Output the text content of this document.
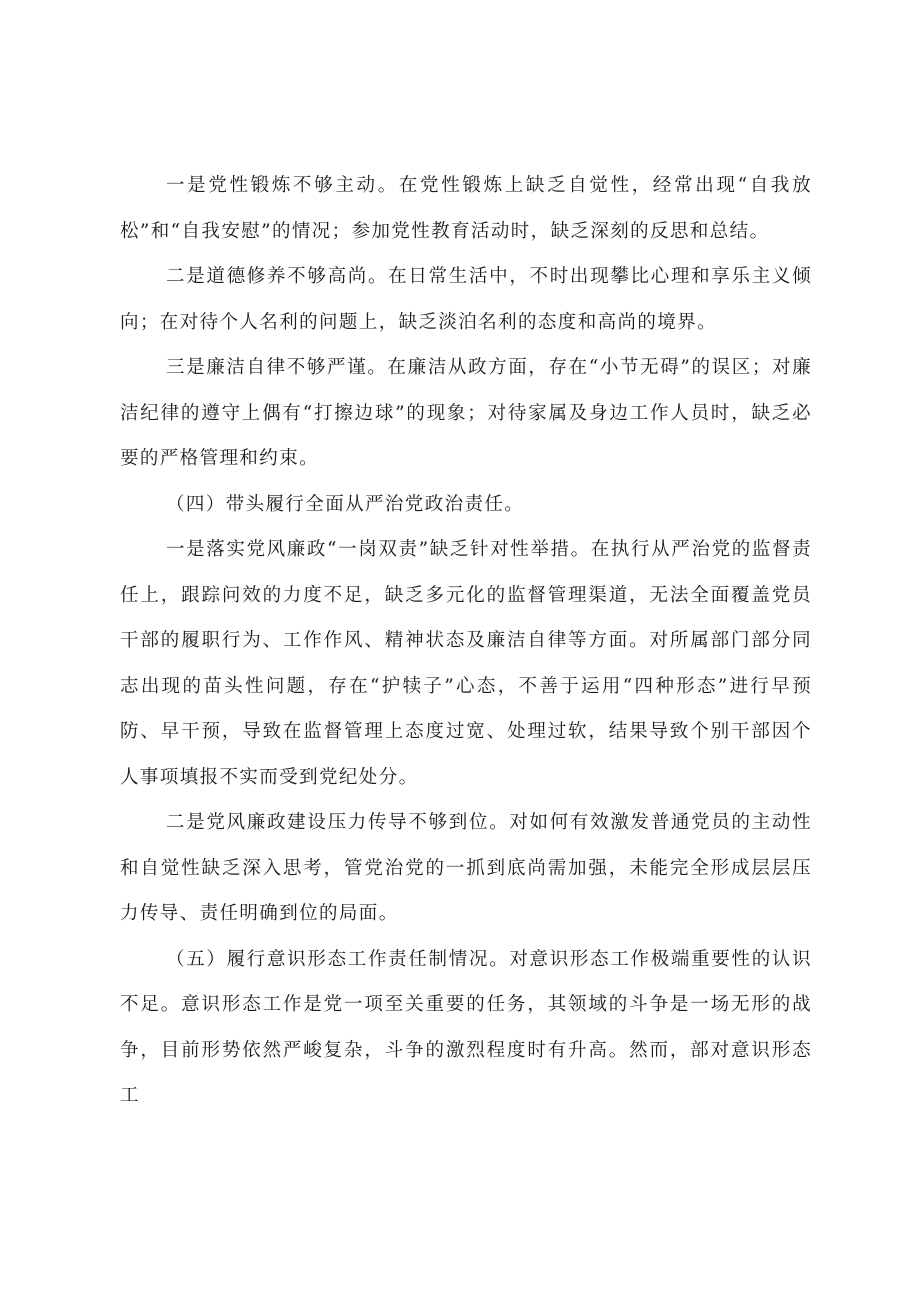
一是党性锻炼不够主动。在党性锻炼上缺乏自觉性，经常出现“自我放松”和“自我安慰”的情况；参加党性教育活动时，缺乏深刻的反思和总结。

二是道德修养不够高尚。在日常生活中，不时出现攀比心理和享乐主义倾向；在对待个人名利的问题上，缺乏淡泊名利的态度和高尚的境界。

三是廉洁自律不够严谨。在廉洁从政方面，存在“小节无碍”的误区；对廉洁纪律的遵守上偶有“打擦边球”的现象；对待家属及身边工作人员时，缺乏必要的严格管理和约束。

（四）带头履行全面从严治党政治责任。

一是落实党风廉政“一岗双责”缺乏针对性举措。在执行从严治党的监督责任上，跟踪问效的力度不足，缺乏多元化的监督管理渠道，无法全面覆盖党员干部的履职行为、工作作风、精神状态及廉洁自律等方面。对所属部门部分同志出现的苗头性问题，存在“护犊子”心态，不善于运用“四种形态”进行早预防、早干预，导致在监督管理上态度过宽、处理过软，结果导致个别干部因个人事项填报不实而受到党纪处分。

二是党风廉政建设压力传导不够到位。对如何有效激发普通党员的主动性和自觉性缺乏深入思考，管党治党的一抓到底尚需加强，未能完全形成层层压力传导、责任明确到位的局面。

（五）履行意识形态工作责任制情况。对意识形态工作极端重要性的认识不足。意识形态工作是党一项至关重要的任务，其领域的斗争是一场无形的战争，目前形势依然严峻复杂，斗争的激烈程度时有升高。然而，部对意识形态工
